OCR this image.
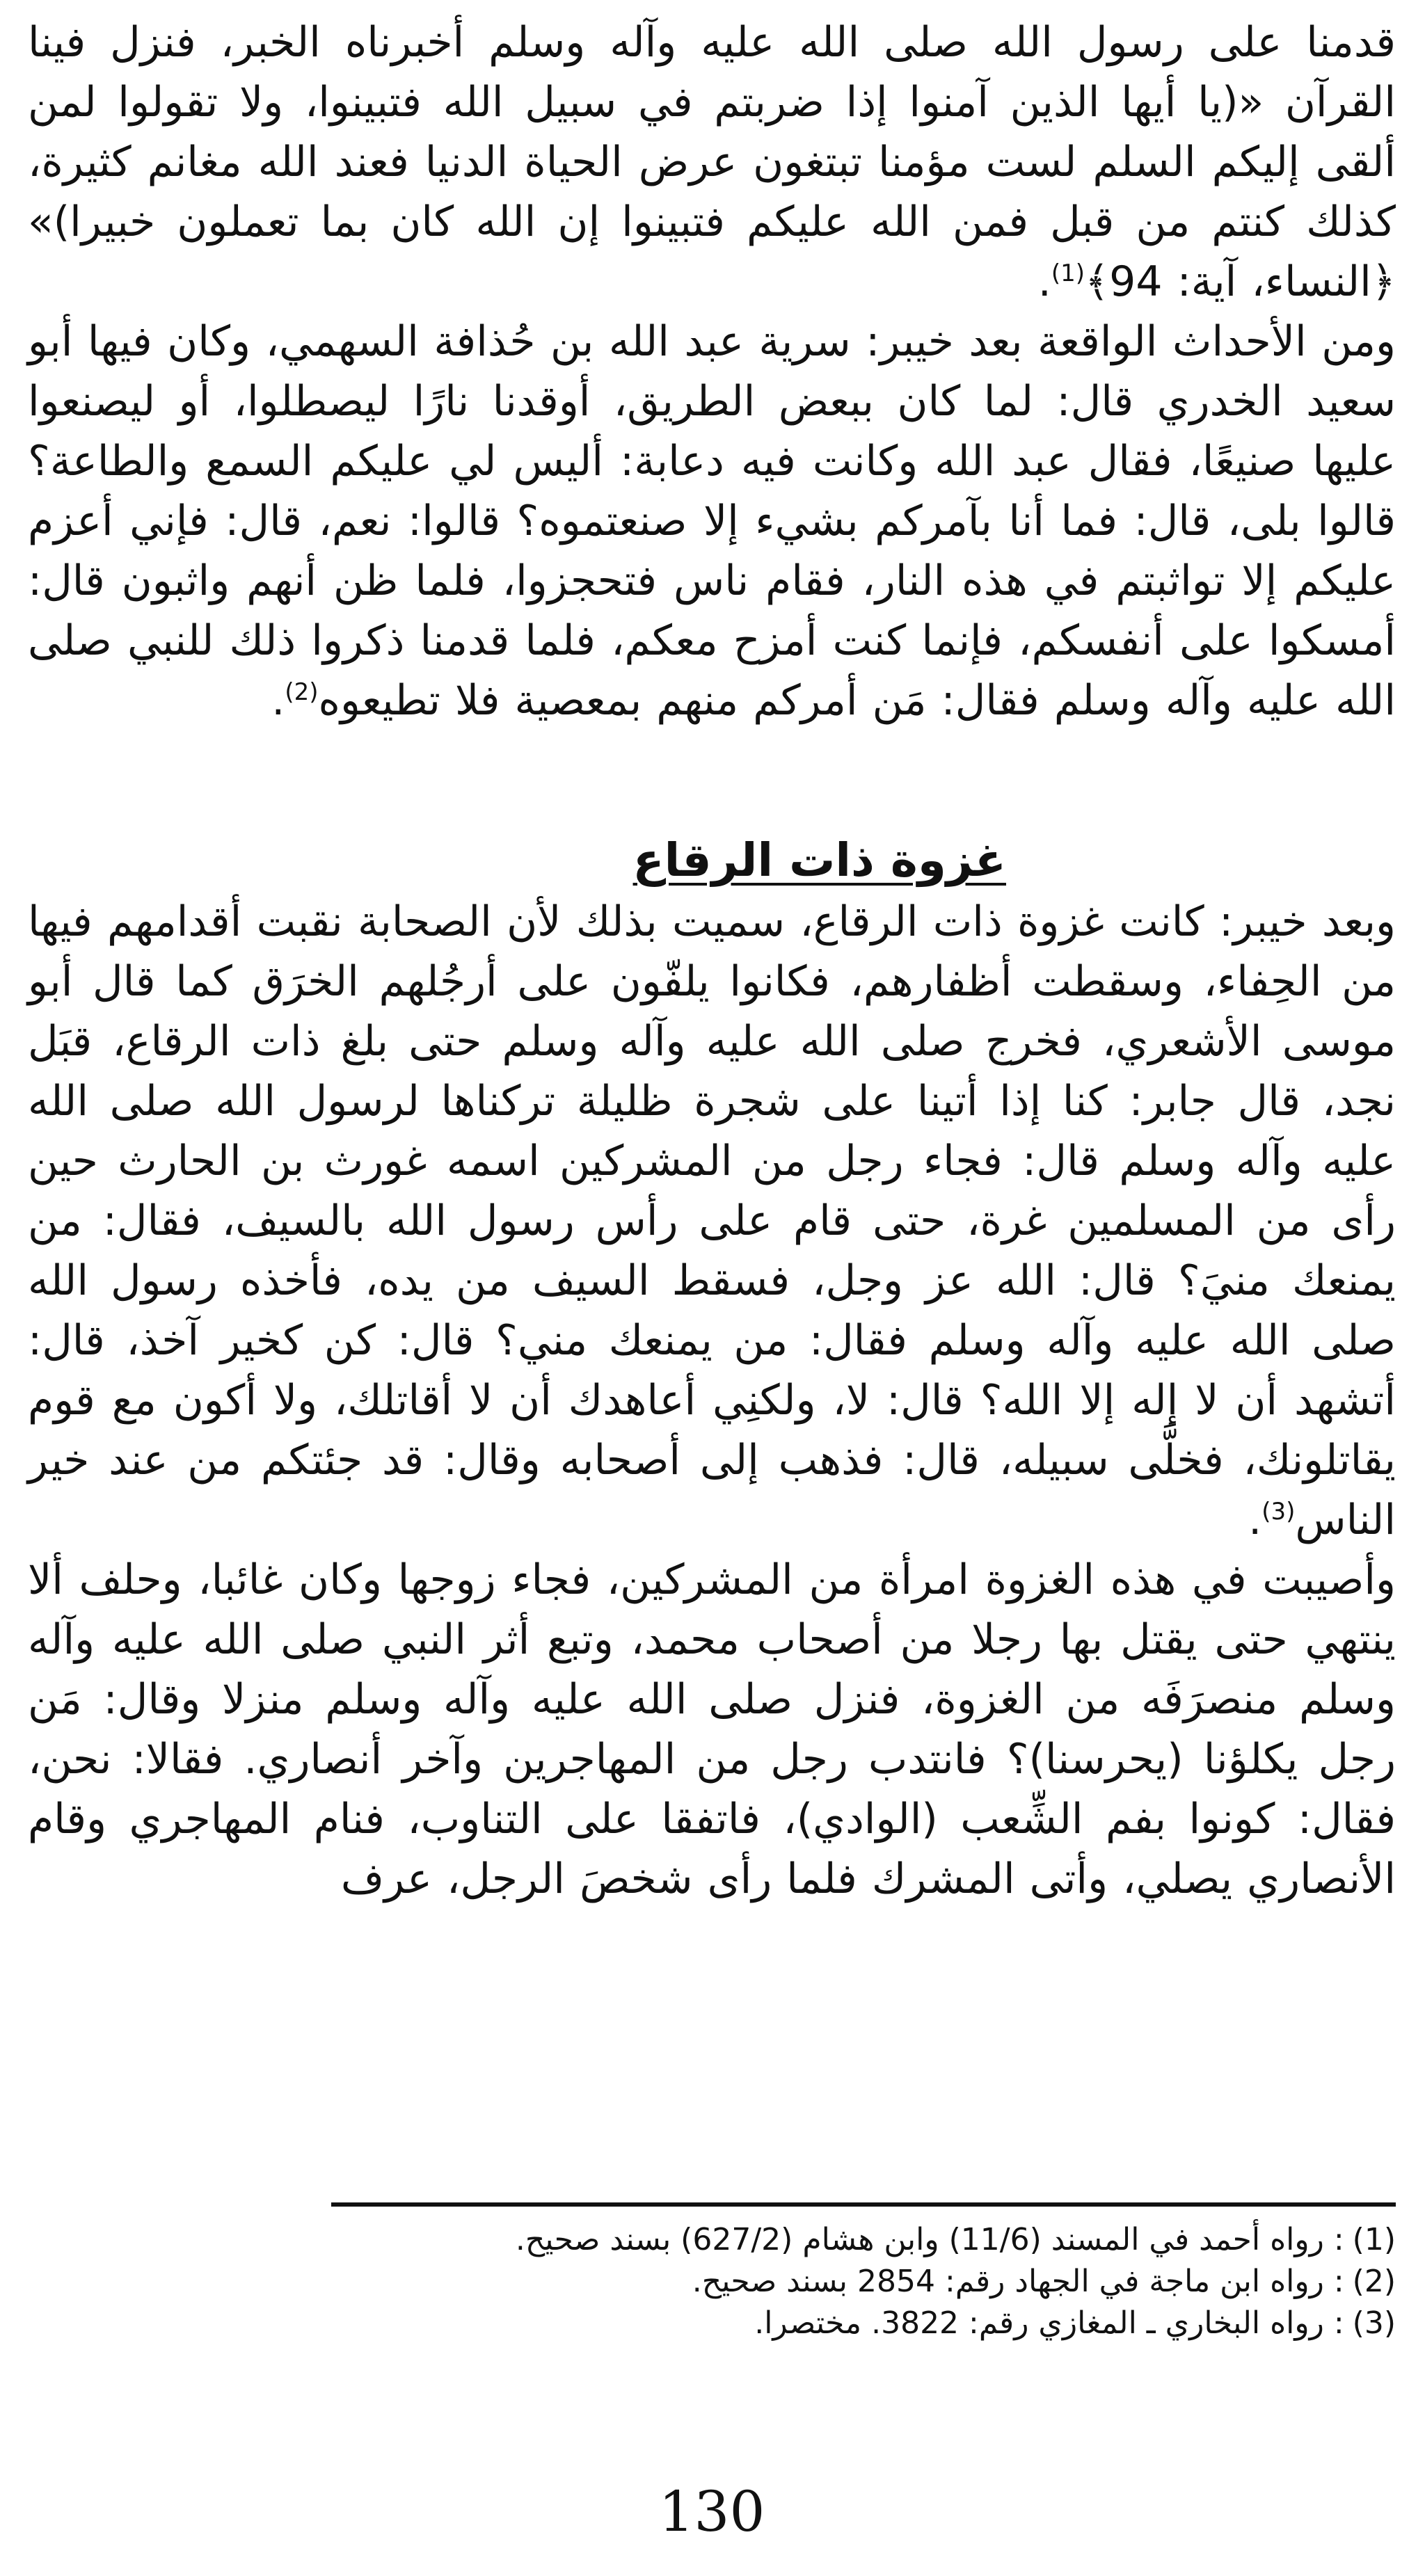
قدمنا على رسول الله صلى الله عليه وآله وسلم أخبرناه الخبر، فنزل فينا القرآن «(يا أيها الذين آمنوا إذا ضربتم في سبيل الله فتبينوا، ولا تقولوا لمن ألقى إليكم السلم لست مؤمنا تبتغون عرض الحياة الدنيا فعند الله مغانم كثيرة، كذلك كنتم من قبل فمن الله عليكم فتبينوا إن الله كان بما تعملون خبيرا)» ﴿النساء، آية: 94﴾$^{(1)}$.

ومن الأحداث الواقعة بعد خيبر: سرية عبد الله بن حُذافة السهمي، وكان فيها أبو سعيد الخدري قال: لما كان ببعض الطريق، أوقدنا نارًا ليصطلوا، أو ليصنعوا عليها صنيعًا، فقال عبد الله وكانت فيه دعابة: أليس لي عليكم السمع والطاعة؟ قالوا بلى، قال: فما أنا بآمركم بشيء إلا صنعتموه؟ قالوا: نعم، قال: فإني أعزم عليكم إلا تواثبتم في هذه النار، فقام ناس فتحجزوا، فلما ظن أنهم واثبون قال: أمسكوا على أنفسكم، فإنما كنت أمزح معكم، فلما قدمنا ذكروا ذلك للنبي صلى الله عليه وآله وسلم فقال: مَن أمركم منهم بمعصية فلا تطيعوه$^{(2)}$.

غزوة ذات الرقاع

وبعد خيبر: كانت غزوة ذات الرقاع، سميت بذلك لأن الصحابة نقبت أقدامهم فيها من الحِفاء، وسقطت أظفارهم، فكانوا يلفّون على أرجُلهم الخرَق كما قال أبو موسى الأشعري، فخرج صلى الله عليه وآله وسلم حتى بلغ ذات الرقاع، قبَل نجد، قال جابر: كنا إذا أتينا على شجرة ظليلة تركناها لرسول الله صلى الله عليه وآله وسلم قال: فجاء رجل من المشركين اسمه غورث بن الحارث حين رأى من المسلمين غرة، حتى قام على رأس رسول الله بالسيف، فقال: من يمنعك منيَ؟ قال: الله عز وجل، فسقط السيف من يده، فأخذه رسول الله صلى الله عليه وآله وسلم فقال: من يمنعك مني؟ قال: كن كخير آخذ، قال: أتشهد أن لا إله إلا الله؟ قال: لا، ولكنِي أعاهدك أن لا أقاتلك، ولا أكون مع قوم يقاتلونك، فخلَّى سبيله، قال: فذهب إلى أصحابه وقال: قد جئتكم من عند خير الناس$^{(3)}$.

وأصيبت في هذه الغزوة امرأة من المشركين، فجاء زوجها وكان غائبا، وحلف ألا ينتهي حتى يقتل بها رجلا من أصحاب محمد، وتبع أثر النبي صلى الله عليه وآله وسلم منصرَفَه من الغزوة، فنزل صلى الله عليه وآله وسلم منزلا وقال: مَن رجل يكلؤنا (يحرسنا)؟ فانتدب رجل من المهاجرين وآخر أنصاري. فقالا: نحن، فقال: كونوا بفم الشِّعب (الوادي)، فاتفقا على التناوب، فنام المهاجري وقام الأنصاري يصلي، وأتى المشرك فلما رأى شخصَ الرجل، عرف

(1): رواه أحمد في المسند (11/6) وابن هشام (627/2) بسند صحيح.
(2): رواه ابن ماجة في الجهاد رقم: 2854 بسند صحيح.
(3): رواه البخاري ـ المغازي رقم: 3822. مختصرا.
130
